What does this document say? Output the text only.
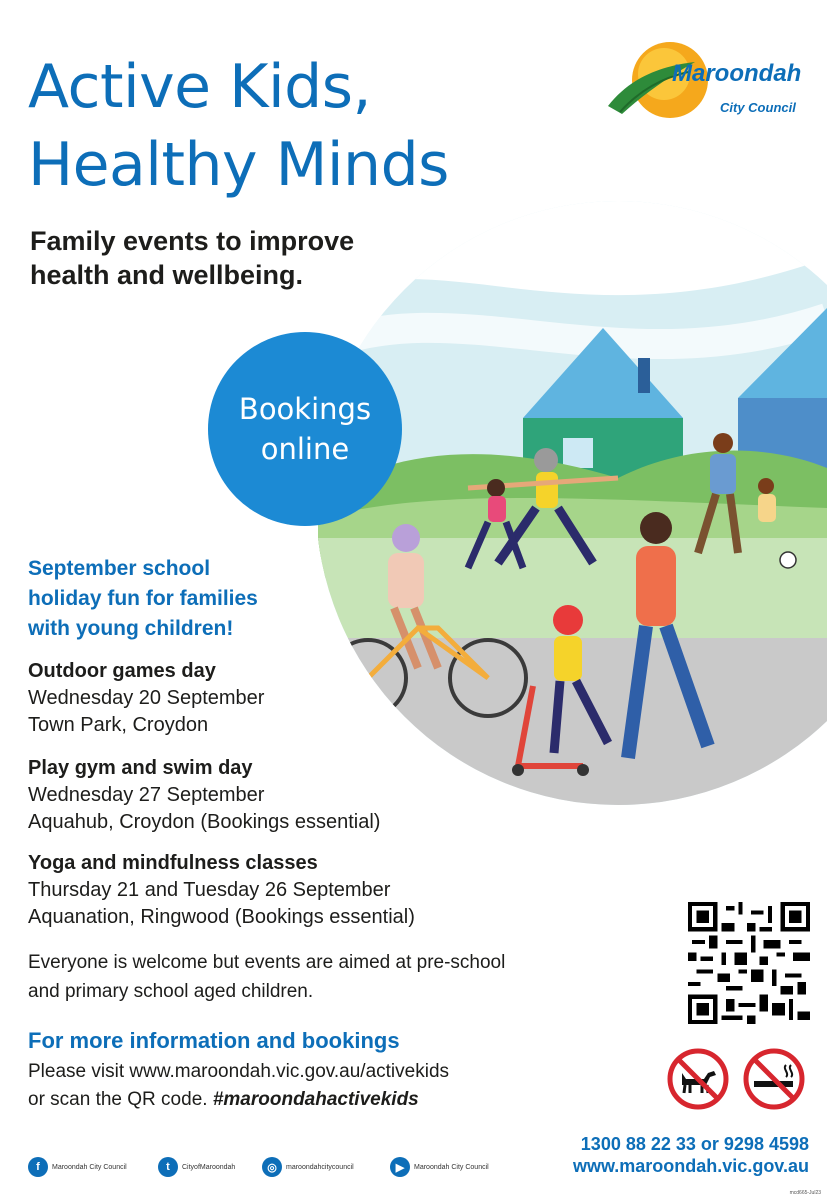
Active Kids,
Healthy Minds

Family events to improve
health and wellbeing.

Maroondah
City Council
Bookings
online

September school
holiday fun for families
with young children!

Outdoor games day
Wednesday 20 September
Town Park, Croydon
Play gym and swim day
Wednesday 27 September
Aquahub, Croydon (Bookings essential)
Yoga and mindfulness classes
Thursday 21 and Tuesday 26 September
Aquanation, Ringwood (Bookings essential)
Everyone is welcome but events are aimed at pre-school
and primary school aged children.

For more information and bookings

Please visit www.maroondah.vic.gov.au/activekids
or scan the QR code. #maroondahactivekids
1300 88 22 33 or 9298 4598
www.maroondah.vic.gov.au
f	Maroondah City Council	t	CityofMaroondah	◎	maroondahcitycouncil	▶	Maroondah City Council
mcd665-Jul23
